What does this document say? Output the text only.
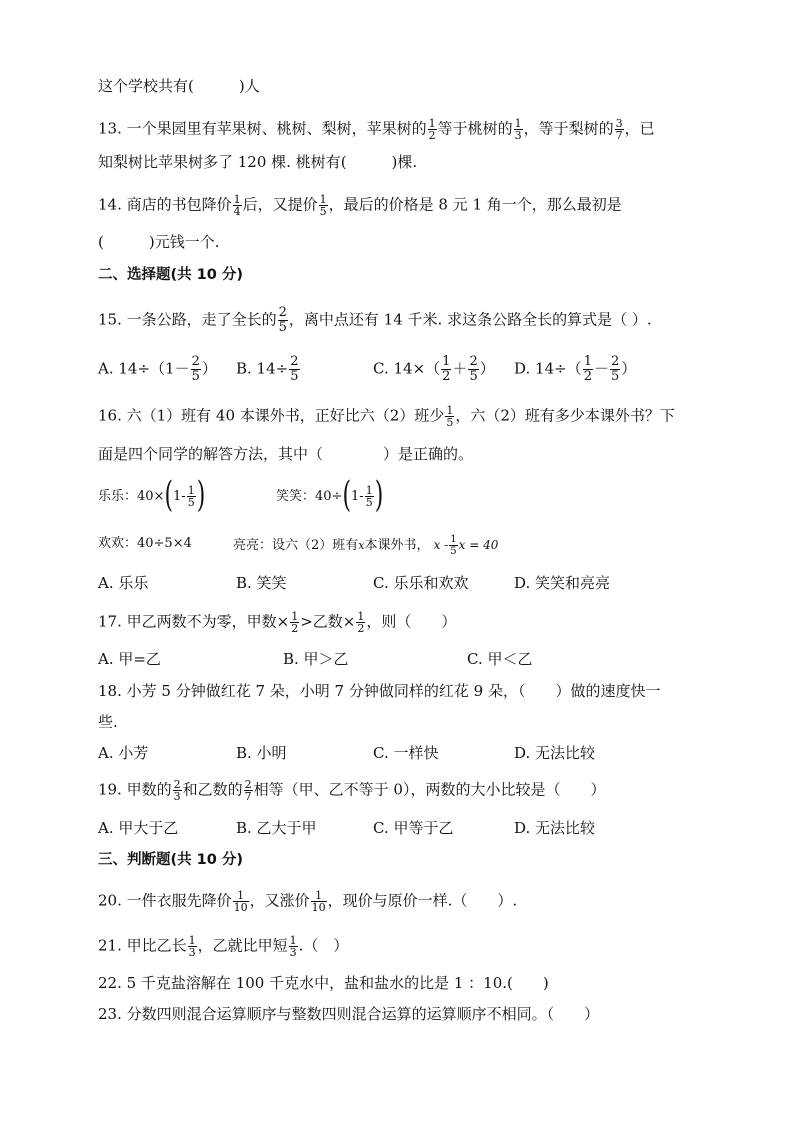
这个学校共有(　　　)人
13. 一个果园里有苹果树、桃树、梨树，苹果树的 $\frac{1}{2}$ 等于桃树的 $\frac{1}{3}$ ，等于梨树的 $\frac{3}{7}$ ，已
知梨树比苹果树多了 120 棵. 桃树有(　　　)棵.
14. 商店的书包降价 $\frac{1}{4}$ 后，又提价 $\frac{1}{5}$ ，最后的价格是 8 元 1 角一个，那么最初是
(　　　)元钱一个.
二、选择题(共 10 分)
15. 一条公路，走了全长的 $\frac{2}{5}$ ，离中点还有 14 千米. 求这条公路全长的算式是（ ）.
A. $14\div(1- \frac{2}{5}$ ） B. $14\div \frac{2}{5}$	C. $14\times( \frac{1}{2} + \frac{2}{5}$ ） D. $14\div( \frac{1}{2} - \frac{2}{5}$ ）
16. 六（1）班有 40 本课外书，正好比六（2）班少 $\frac{1}{5}$ ，六（2）班有多少本课外书？下
面是四个同学的解答方法，其中（　　　　）是正确的。
乐乐：$40\times(1- \frac{1}{5}$ )	笑笑：$40\div(1- \frac{1}{5}$ )
欢欢：40÷5×4	亮亮：设六（2）班有x本课外书， x - $\frac{1}{5}$ x = 40
A. 乐乐	B. 笑笑	C. 乐乐和欢欢	D. 笑笑和亮亮
17. 甲乙两数不为零，甲数× $\frac{1}{2}$ >乙数× $\frac{1}{2}$ ，则（　　）
A. 甲=乙	B. 甲＞乙	C. 甲＜乙
18. 小芳 5 分钟做红花 7 朵，小明 7 分钟做同样的红花 9 朵，（　　）做的速度快一
些.
A. 小芳	B. 小明	C. 一样快	D. 无法比较
19. 甲数的 $\frac{2}{3}$ 和乙数的 $\frac{2}{7}$ 相等（甲、乙不等于 0），两数的大小比较是（　　）
A. 甲大于乙	B. 乙大于甲	C. 甲等于乙	D. 无法比较
三、判断题(共 10 分)
20. 一件衣服先降价 $\frac{1}{10}$ ，又涨价 $\frac{1}{10}$ ，现价与原价一样.（　　）.
21. 甲比乙长 $\frac{1}{3}$ ，乙就比甲短 $\frac{1}{3}$ .（　）
22. 5 千克盐溶解在 100 千克水中，盐和盐水的比是 1 ：10.(　　)
23. 分数四则混合运算顺序与整数四则混合运算的运算顺序不相同。（　　）
